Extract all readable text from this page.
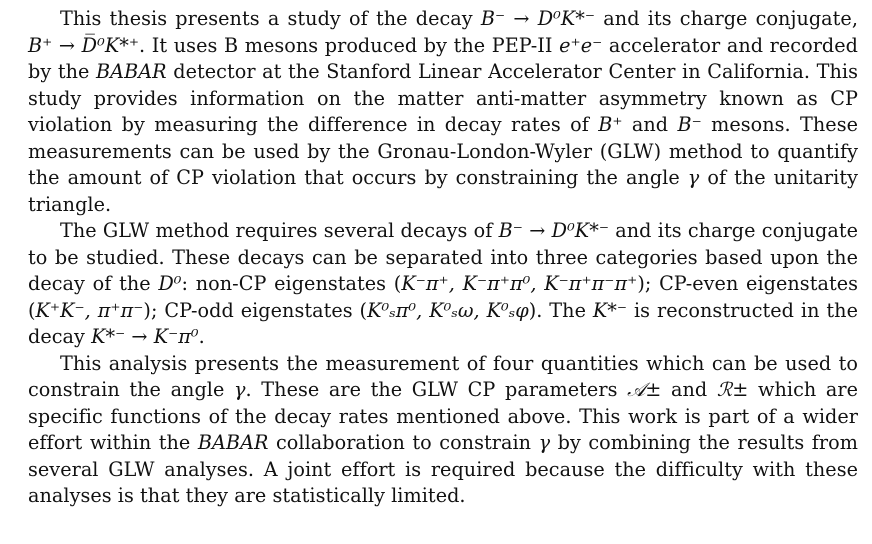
This thesis presents a study of the decay B⁻ → D⁰K*⁻ and its charge conjugate, B⁺ → D̅⁰K*⁺. It uses B mesons produced by the PEP-II e⁺e⁻ accelerator and recorded by the BABAR detector at the Stanford Linear Accelerator Center in California. This study provides information on the matter anti-matter asymmetry known as CP violation by measuring the difference in decay rates of B⁺ and B⁻ mesons. These measurements can be used by the Gronau-London-Wyler (GLW) method to quantify the amount of CP violation that occurs by constraining the angle γ of the unitarity triangle.

The GLW method requires several decays of B⁻ → D⁰K*⁻ and its charge conjugate to be studied. These decays can be separated into three categories based upon the decay of the D⁰: non-CP eigenstates (K⁻π⁺, K⁻π⁺π⁰, K⁻π⁺π⁻π⁺); CP-even eigenstates (K⁺K⁻, π⁺π⁻); CP-odd eigenstates (K⁰ₛπ⁰, K⁰ₛω, K⁰ₛφ). The K*⁻ is reconstructed in the decay K*⁻ → K⁻π⁰.

This analysis presents the measurement of four quantities which can be used to constrain the angle γ. These are the GLW CP parameters 𝒜± and ℛ± which are specific functions of the decay rates mentioned above. This work is part of a wider effort within the BABAR collaboration to constrain γ by combining the results from several GLW analyses. A joint effort is required because the difficulty with these analyses is that they are statistically limited.
